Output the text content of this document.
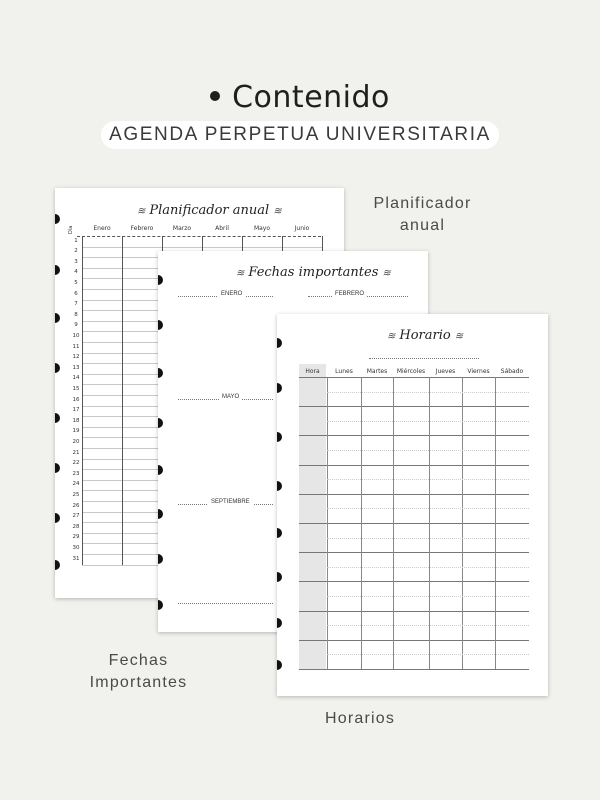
Contenido
AGENDA PERPETUA UNIVERSITARIA
Planificador
anual
Fechas
Importantes
Horarios
≋ Planificador anual ≋
Día	Enero	Febrero	Marzo	Abril	Mayo	Junio
1
2
3
4
5
6
7
8
9
10
11
12
13
14
15
16
17
18
19
20
21
22
23
24
25
26
27
28
29
30
31
≋ Fechas importantes ≋
ENERO	FEBRERO
MAYO
SEPTIEMBRE
≋ Horario ≋
Hora	Lunes	Martes	Miércoles	Jueves	Viernes	Sábado
